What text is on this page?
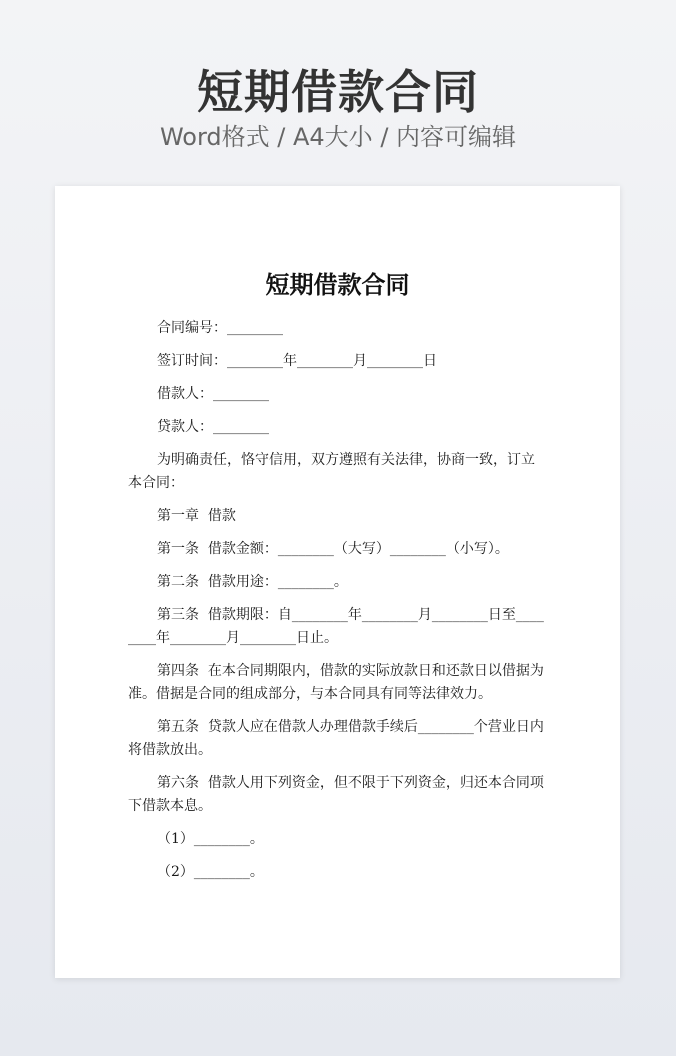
短期借款合同
Word格式 / A4大小 / 内容可编辑
短期借款合同

合同编号：________

签订时间：________年________月________日

借款人：________

贷款人：________

为明确责任，恪守信用，双方遵照有关法律，协商一致，订立本合同：

第一章  借款

第一条  借款金额：________（大写）________（小写）。

第二条  借款用途：________。

第三条  借款期限：自________年________月________日至________年________月________日止。

第四条  在本合同期限内，借款的实际放款日和还款日以借据为准。借据是合同的组成部分，与本合同具有同等法律效力。

第五条  贷款人应在借款人办理借款手续后________个营业日内将借款放出。

第六条  借款人用下列资金，但不限于下列资金，归还本合同项下借款本息。

（1）________。

（2）________。
